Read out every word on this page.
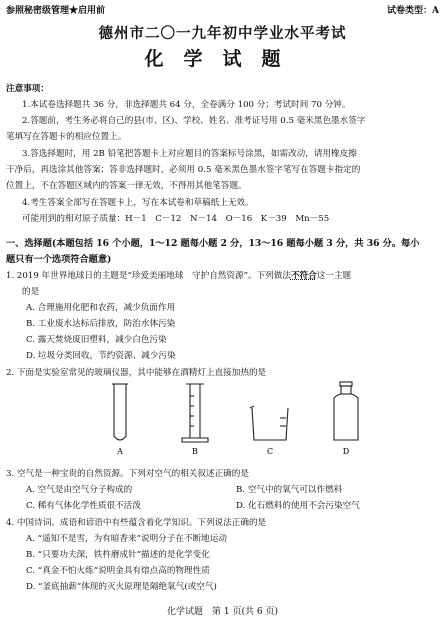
参照秘密级管理★启用前	试卷类型：A
德州市二〇一九年初中学业水平考试
化学试题
注意事项：
1.本试卷选择题共 36 分，非选择题共 64 分，全卷满分 100 分；考试时间 70 分钟。
2.答题前，考生务必将自己的县(市、区)、学校、姓名、准考证号用 0.5 毫米黑色墨水签字
笔填写在答题卡的相应位置上。
3.答选择题时，用 2B 铅笔把答题卡上对应题目的答案标号涂黑，如需改动，请用橡皮擦
干净后，再选涂其他答案；答非选择题时，必须用 0.5 毫米黑色墨水签字笔写在答题卡指定的
位置上，不在答题区域内的答案一律无效，不得用其他笔答题。
4.考生答案全部写在答题卡上，写在本试卷和草稿纸上无效。
可能用到的相对原子质量：H－1　C－12　N－14　O－16　K－39　Mn－55
一、选择题(本题包括 16 个小题，1～12 题每小题 2 分，13～16 题每小题 3 分，共 36 分。每小
题只有一个选项符合题意)
1. 2019 年世界地球日的主题是“珍爱美丽地球　守护自然资源”。下列做法不符合这一主题
的是
A. 合理施用化肥和农药，减少负面作用
B. 工业废水达标后排放，防治水体污染
C. 露天焚烧废旧塑料，减少白色污染
D. 垃圾分类回收，节约资源、减少污染
2. 下面是实验室常见的玻璃仪器，其中能够在酒精灯上直接加热的是
A	B	C	D
3. 空气是一种宝贵的自然资源。下列对空气的相关叙述正确的是
A. 空气是由空气分子构成的	B. 空气中的氧气可以作燃料
C. 稀有气体化学性质很不活泼	D. 化石燃料的使用不会污染空气
4. 中国诗词、成语和谚语中有些蕴含着化学知识。下列说法正确的是
A. “遥知不是雪，为有暗香来”说明分子在不断地运动
B. “只要功夫深，铁杵磨成针”描述的是化学变化
C. “真金不怕火炼”说明金具有熔点高的物理性质
D. “釜底抽薪”体现的灭火原理是隔绝氧气(或空气)
化学试题　第 1 页(共 6 页)
